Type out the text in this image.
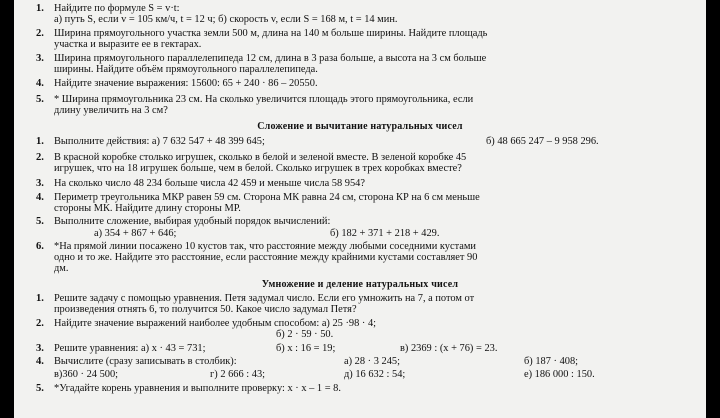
1. Найдите по формуле S = v·t:
а) путь S, если v = 105 км/ч, t = 12 ч; б) скорость v, если S = 168 м, t = 14 мин.
2. Ширина прямоугольного участка земли 500 м, длина на 140 м больше ширины. Найдите площадь
участка и выразите ее в гектарах.
3. Ширина прямоугольного параллелепипеда 12 см, длина в 3 раза больше, а высота на 3 см больше
ширины. Найдите объём прямоугольного параллелепипеда.
4. Найдите значение выражения: 15600: 65 + 240 · 86 – 20550.
5. * Ширина прямоугольника 23 см. На сколько увеличится площадь этого прямоугольника, если
длину увеличить на 3 см?
Сложение и вычитание натуральных чисел
1. Выполните действия: а) 7 632 547 + 48 399 645;	б) 48 665 247 – 9 958 296.
2. В красной коробке столько игрушек, сколько в белой и зеленой вместе. В зеленой коробке 45
игрушек, что на 18 игрушек больше, чем в белой. Сколько игрушек в трех коробках вместе?
3. На сколько число 48 234 больше числа 42 459 и меньше числа 58 954?
4. Периметр треугольника МКР равен 59 см. Сторона МК равна 24 см, сторона КР на 6 см меньше
стороны МК. Найдите длину стороны МР.
5. Выполните сложение, выбирая удобный порядок вычислений:
а) 354 + 867 + 646;	б) 182 + 371 + 218 + 429.
6. *На прямой линии посажено 10 кустов так, что расстояние между любыми соседними кустами
одно и то же. Найдите это расстояние, если расстояние между крайними кустами составляет 90
дм.
Умножение и деление натуральных чисел
1. Решите задачу с помощью уравнения. Петя задумал число. Если его умножить на 7, а потом от
произведения отнять 6, то получится 50. Какое число задумал Петя?
2. Найдите значение выражений наиболее удобным способом: а) 25 ·98 · 4;
б) 2 · 59 · 50.
3. Решите уравнения: а) x · 43 = 731;	б) x : 16 = 19;	в) 2369 : (x + 76) = 23.
4. Вычислите (сразу записывать в столбик):	а) 28 · 3 245;	б) 187 · 408;
в)360 · 24 500;	г) 2 666 : 43;	д) 16 632 : 54;	е) 186 000 : 150.
5. *Угадайте корень уравнения и выполните проверку: x · x – 1 = 8.
